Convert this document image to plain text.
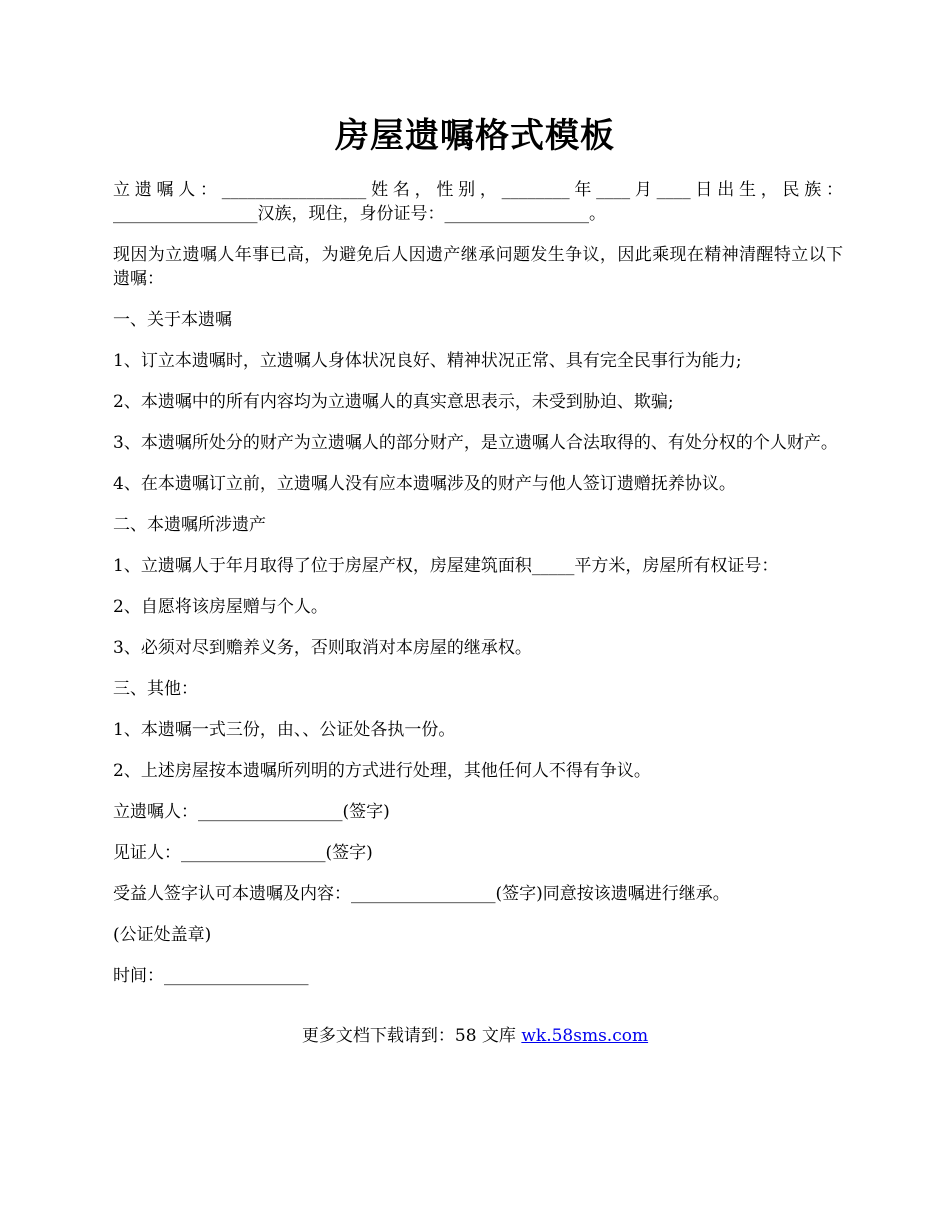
房屋遗嘱格式模板

立遗嘱人：_________________姓名，性别，________年____月____日出生，民族：_________________汉族，现住，身份证号：_________________。

现因为立遗嘱人年事已高，为避免后人因遗产继承问题发生争议，因此乘现在精神清醒特立以下遗嘱：

一、关于本遗嘱

1、订立本遗嘱时，立遗嘱人身体状况良好、精神状况正常、具有完全民事行为能力;

2、本遗嘱中的所有内容均为立遗嘱人的真实意思表示，未受到胁迫、欺骗;

3、本遗嘱所处分的财产为立遗嘱人的部分财产，是立遗嘱人合法取得的、有处分权的个人财产。

4、在本遗嘱订立前，立遗嘱人没有应本遗嘱涉及的财产与他人签订遗赠抚养协议。

二、本遗嘱所涉遗产

1、立遗嘱人于年月取得了位于房屋产权，房屋建筑面积_____平方米，房屋所有权证号：

2、自愿将该房屋赠与个人。

3、必须对尽到赡养义务，否则取消对本房屋的继承权。

三、其他：

1、本遗嘱一式三份，由、、公证处各执一份。

2、上述房屋按本遗嘱所列明的方式进行处理，其他任何人不得有争议。

立遗嘱人：_________________(签字)

见证人：_________________(签字)

受益人签字认可本遗嘱及内容：_________________(签字)同意按该遗嘱进行继承。

(公证处盖章)

时间：_________________

更多文档下载请到：58 文库 wk.58sms.com
